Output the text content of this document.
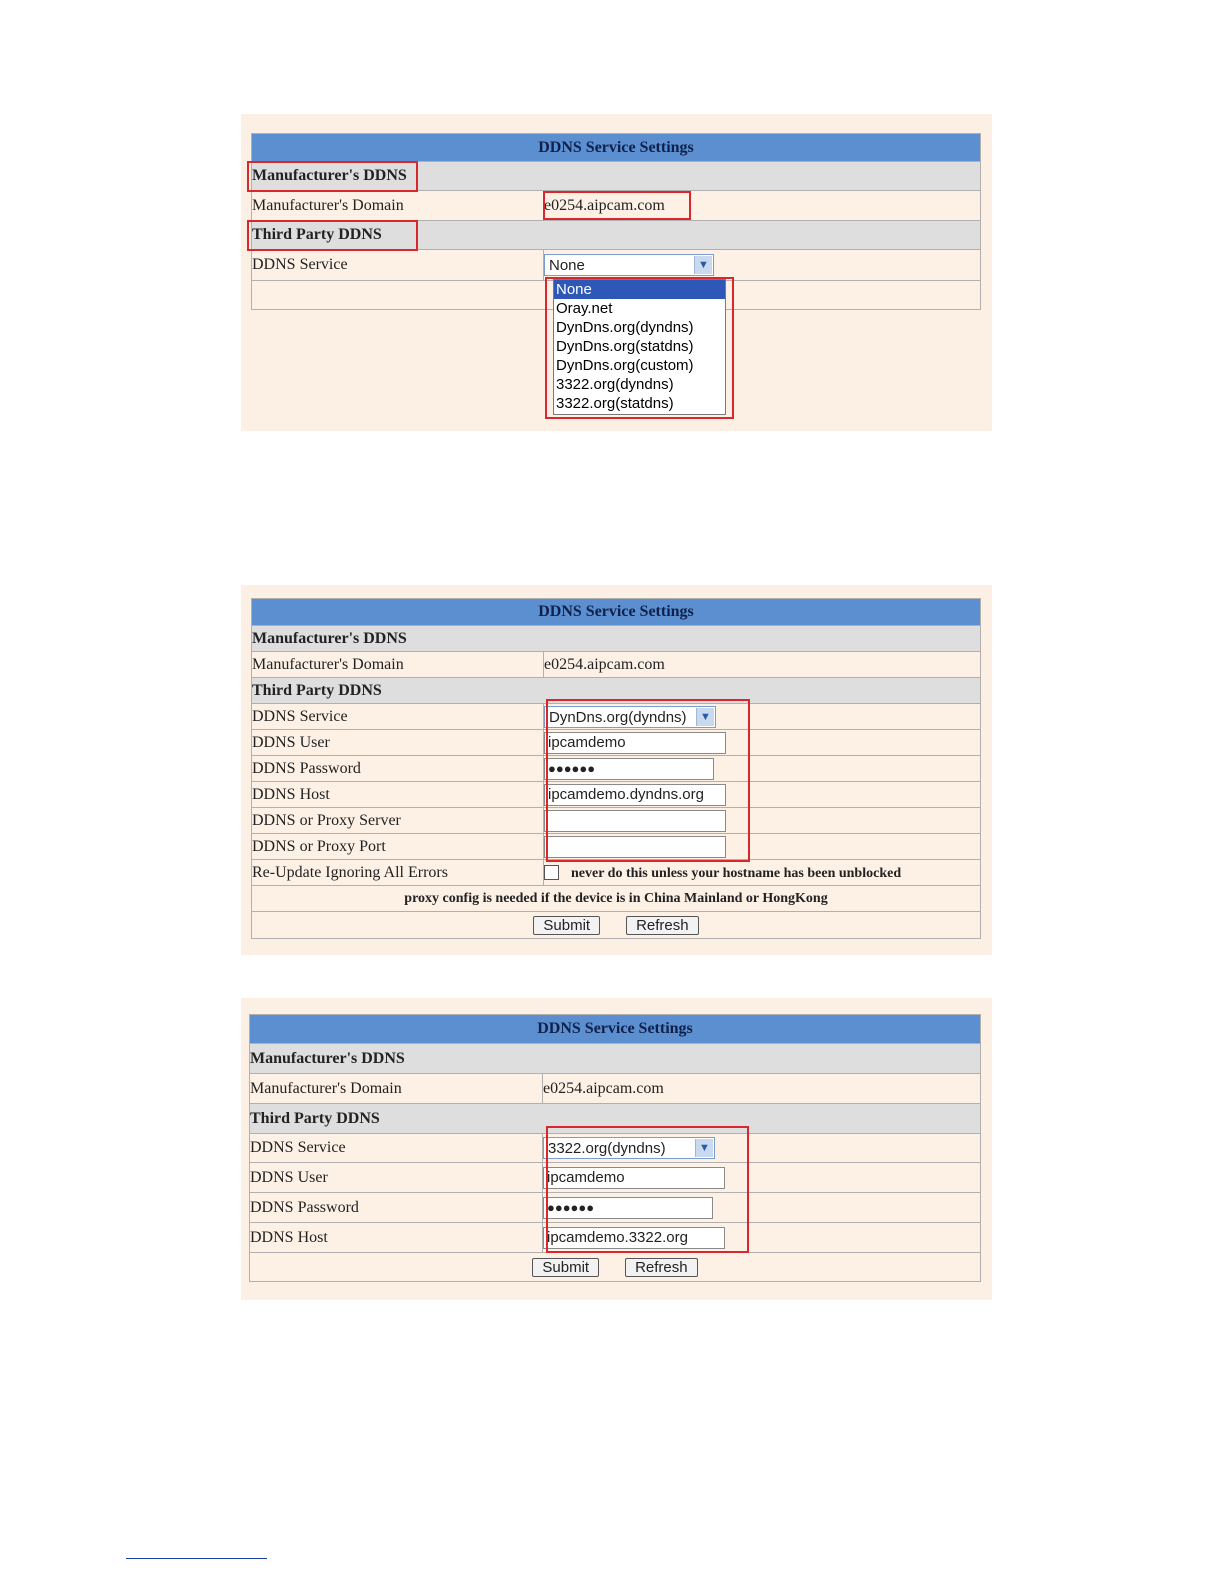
DDNS Service Settings	
Manufacturer's DDNS	
Manufacturer's Domain	e0254.aipcam.com
Third Party DDNS	
DDNS Service	None ▼

None
Oray.net
DynDns.org(dyndns)
DynDns.org(statdns)
DynDns.org(custom)
3322.org(dyndns)
3322.org(statdns)
DDNS Service Settings	
Manufacturer's DDNS	
Manufacturer's Domain	e0254.aipcam.com
Third Party DDNS	
DDNS Service	DynDns.org(dyndns) ▼

DDNS User	ipcamdemo
DDNS Password	●●●●●●
DDNS Host	ipcamdemo.dyndns.org
DDNS or Proxy Server	
DDNS or Proxy Port	
Re-Update Ignoring All Errors	never do this unless your hostname has been unblocked
proxy config is needed if the device is in China Mainland or HongKong	
Submit Refresh	
DDNS Service Settings	
Manufacturer's DDNS	
Manufacturer's Domain	e0254.aipcam.com
Third Party DDNS	
DDNS Service	3322.org(dyndns) ▼

DDNS User	ipcamdemo
DDNS Password	●●●●●●
DDNS Host	ipcamdemo.3322.org
Submit Refresh	
